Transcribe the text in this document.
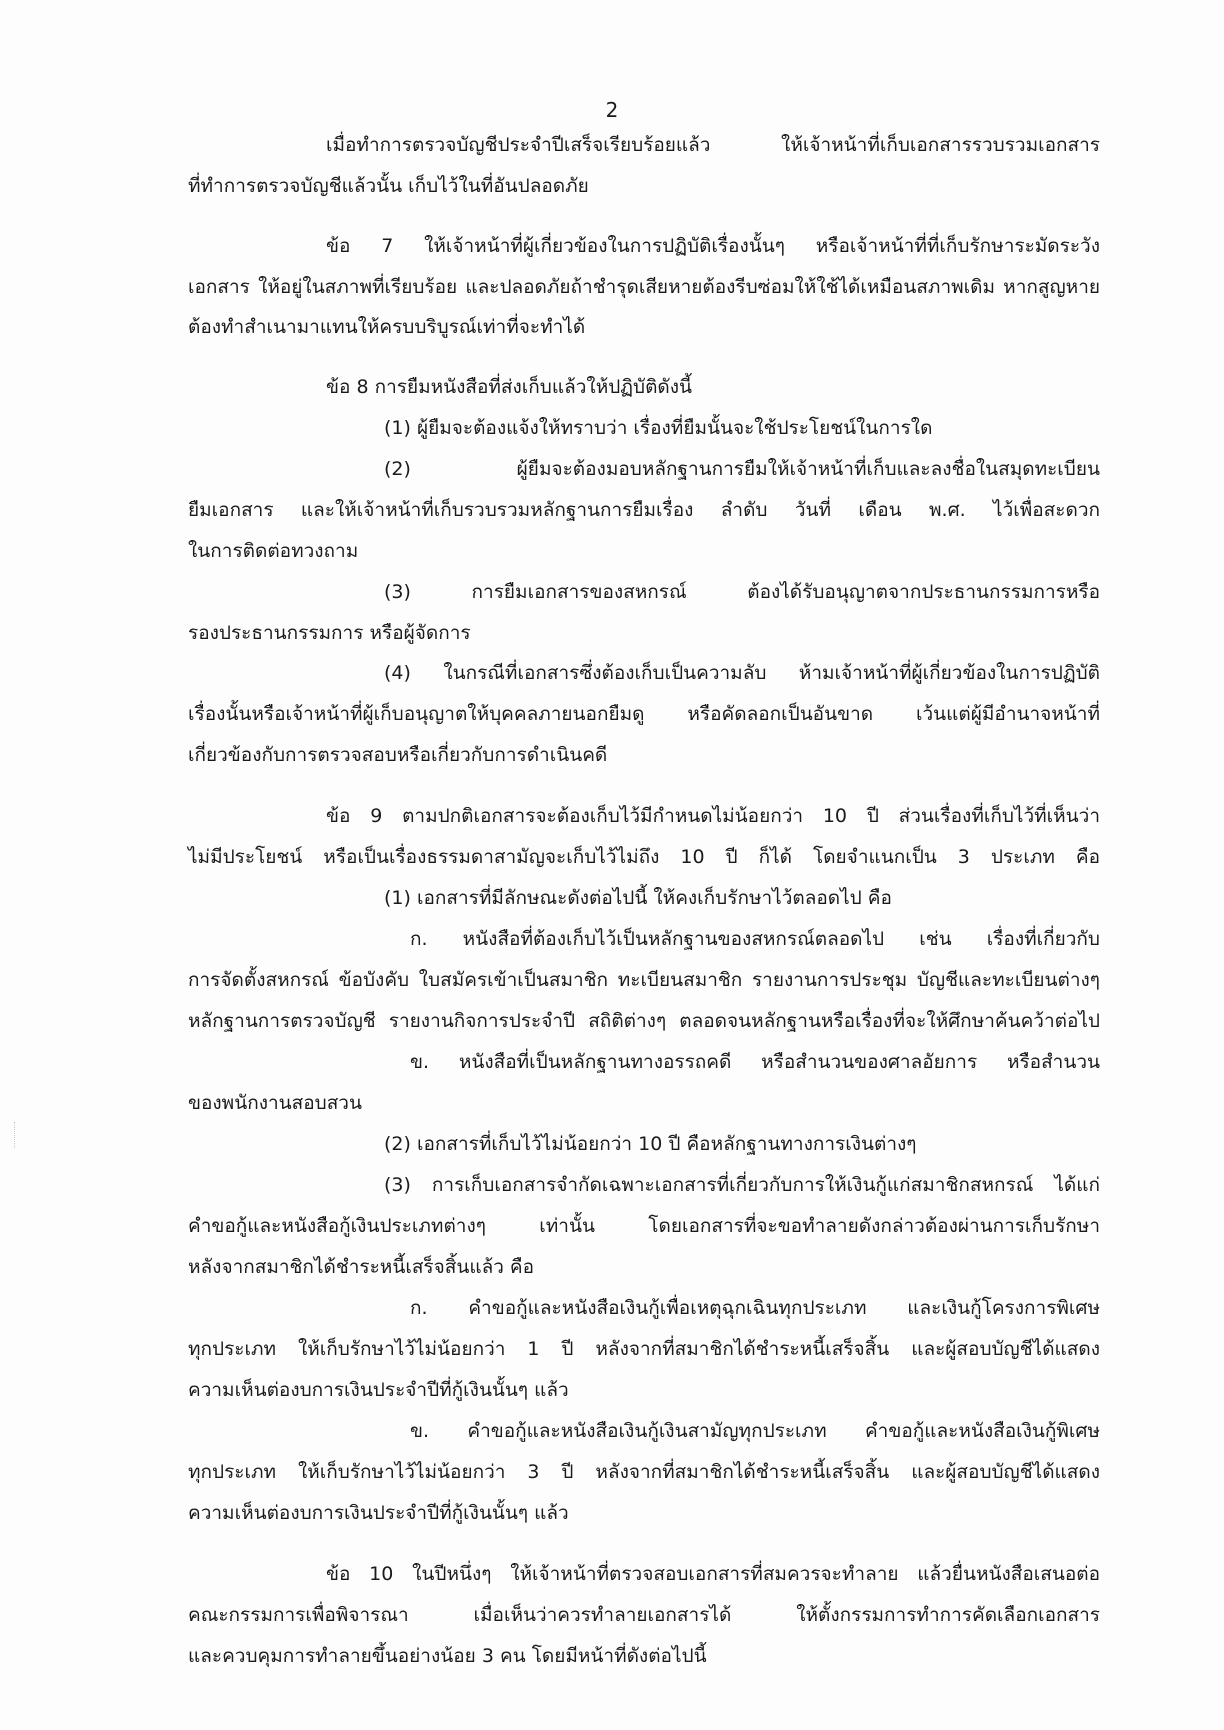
2
เมื่อทำการตรวจบัญชีประจำปีเสร็จเรียบร้อยแล้ว ให้เจ้าหน้าที่เก็บเอกสารรวบรวมเอกสาร
ที่ทำการตรวจบัญชีแล้วนั้น เก็บไว้ในที่อันปลอดภัย
ข้อ 7 ให้เจ้าหน้าที่ผู้เกี่ยวข้องในการปฏิบัติเรื่องนั้นๆ หรือเจ้าหน้าที่ที่เก็บรักษาระมัดระวัง
เอกสาร ให้อยู่ในสภาพที่เรียบร้อย และปลอดภัยถ้าชำรุดเสียหายต้องรีบซ่อมให้ใช้ได้เหมือนสภาพเดิม หากสูญหาย
ต้องทำสำเนามาแทนให้ครบบริบูรณ์เท่าที่จะทำได้
ข้อ 8 การยืมหนังสือที่ส่งเก็บแล้วให้ปฏิบัติดังนี้
(1) ผู้ยืมจะต้องแจ้งให้ทราบว่า เรื่องที่ยืมนั้นจะใช้ประโยชน์ในการใด
(2) ผู้ยืมจะต้องมอบหลักฐานการยืมให้เจ้าหน้าที่เก็บและลงชื่อในสมุดทะเบียน
ยืมเอกสาร และให้เจ้าหน้าที่เก็บรวบรวมหลักฐานการยืมเรื่อง ลำดับ วันที่ เดือน พ.ศ. ไว้เพื่อสะดวก
ในการติดต่อทวงถาม
(3) การยืมเอกสารของสหกรณ์ ต้องได้รับอนุญาตจากประธานกรรมการหรือ
รองประธานกรรมการ หรือผู้จัดการ
(4) ในกรณีที่เอกสารซึ่งต้องเก็บเป็นความลับ ห้ามเจ้าหน้าที่ผู้เกี่ยวข้องในการปฏิบัติ
เรื่องนั้นหรือเจ้าหน้าที่ผู้เก็บอนุญาตให้บุคคลภายนอกยืมดู หรือคัดลอกเป็นอันขาด เว้นแต่ผู้มีอำนาจหน้าที่
เกี่ยวข้องกับการตรวจสอบหรือเกี่ยวกับการดำเนินคดี
ข้อ 9 ตามปกติเอกสารจะต้องเก็บไว้มีกำหนดไม่น้อยกว่า 10 ปี ส่วนเรื่องที่เก็บไว้ที่เห็นว่า
ไม่มีประโยชน์ หรือเป็นเรื่องธรรมดาสามัญจะเก็บไว้ไม่ถึง 10 ปี ก็ได้ โดยจำแนกเป็น 3 ประเภท คือ
(1) เอกสารที่มีลักษณะดังต่อไปนี้ ให้คงเก็บรักษาไว้ตลอดไป คือ
ก. หนังสือที่ต้องเก็บไว้เป็นหลักฐานของสหกรณ์ตลอดไป เช่น เรื่องที่เกี่ยวกับ
การจัดตั้งสหกรณ์ ข้อบังคับ ใบสมัครเข้าเป็นสมาชิก ทะเบียนสมาชิก รายงานการประชุม บัญชีและทะเบียนต่างๆ
หลักฐานการตรวจบัญชี รายงานกิจการประจำปี สถิติต่างๆ ตลอดจนหลักฐานหรือเรื่องที่จะให้ศึกษาค้นคว้าต่อไป
ข. หนังสือที่เป็นหลักฐานทางอรรถคดี หรือสำนวนของศาลอัยการ หรือสำนวน
ของพนักงานสอบสวน
(2) เอกสารที่เก็บไว้ไม่น้อยกว่า 10 ปี คือหลักฐานทางการเงินต่างๆ
(3) การเก็บเอกสารจำกัดเฉพาะเอกสารที่เกี่ยวกับการให้เงินกู้แก่สมาชิกสหกรณ์ ได้แก่
คำขอกู้และหนังสือกู้เงินประเภทต่างๆ เท่านั้น โดยเอกสารที่จะขอทำลายดังกล่าวต้องผ่านการเก็บรักษา
หลังจากสมาชิกได้ชำระหนี้เสร็จสิ้นแล้ว คือ
ก. คำขอกู้และหนังสือเงินกู้เพื่อเหตุฉุกเฉินทุกประเภท และเงินกู้โครงการพิเศษ
ทุกประเภท ให้เก็บรักษาไว้ไม่น้อยกว่า 1 ปี หลังจากที่สมาชิกได้ชำระหนี้เสร็จสิ้น และผู้สอบบัญชีได้แสดง
ความเห็นต่องบการเงินประจำปีที่กู้เงินนั้นๆ แล้ว
ข. คำขอกู้และหนังสือเงินกู้เงินสามัญทุกประเภท คำขอกู้และหนังสือเงินกู้พิเศษ
ทุกประเภท ให้เก็บรักษาไว้ไม่น้อยกว่า 3 ปี หลังจากที่สมาชิกได้ชำระหนี้เสร็จสิ้น และผู้สอบบัญชีได้แสดง
ความเห็นต่องบการเงินประจำปีที่กู้เงินนั้นๆ แล้ว
ข้อ 10 ในปีหนึ่งๆ ให้เจ้าหน้าที่ตรวจสอบเอกสารที่สมควรจะทำลาย แล้วยื่นหนังสือเสนอต่อ
คณะกรรมการเพื่อพิจารณา เมื่อเห็นว่าควรทำลายเอกสารได้ ให้ตั้งกรรมการทำการคัดเลือกเอกสาร
และควบคุมการทำลายขึ้นอย่างน้อย 3 คน โดยมีหน้าที่ดังต่อไปนี้
